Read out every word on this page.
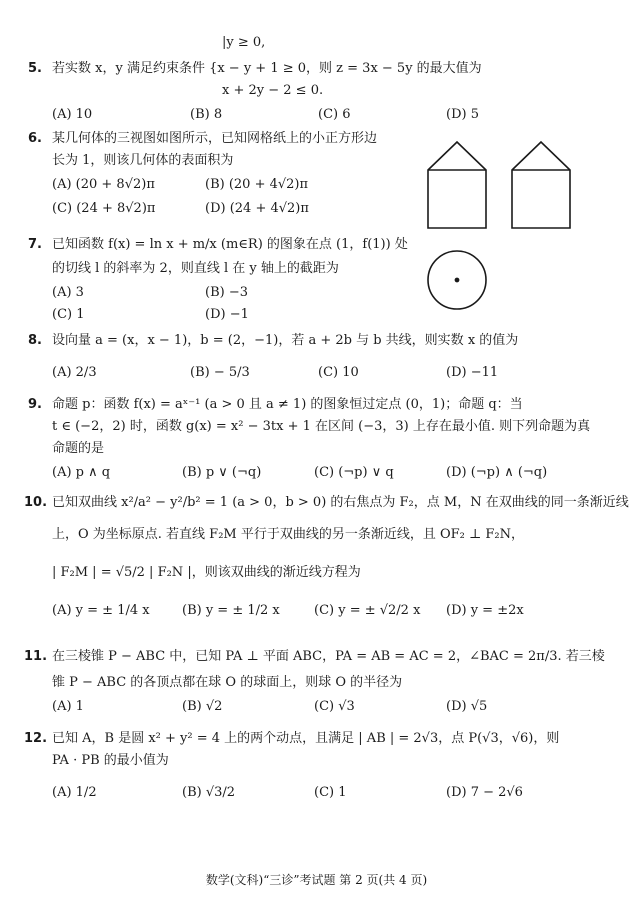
|y ≥ 0,
5. 若实数 x，y 满足约束条件 {x − y + 1 ≥ 0，则 z = 3x − 5y 的最大值为
x + 2y − 2 ≤ 0.
(A) 10	(B) 8	(C) 6	(D) 5
6. 某几何体的三视图如图所示，已知网格纸上的小正方形边
长为 1，则该几何体的表面积为
(A) (20 + 8√2)π	(B) (20 + 4√2)π
(C) (24 + 8√2)π	(D) (24 + 4√2)π
7. 已知函数 f(x) = ln x + m/x (m∈R) 的图象在点 (1，f(1)) 处
的切线 l 的斜率为 2，则直线 l 在 y 轴上的截距为
(A) 3	(B) −3
(C) 1	(D) −1
8. 设向量 a = (x，x − 1)，b = (2，−1)，若 a + 2b 与 b 共线，则实数 x 的值为
(A) 2/3	(B) − 5/3	(C) 10	(D) −11
9. 命题 p：函数 f(x) = aˣ⁻¹ (a > 0 且 a ≠ 1) 的图象恒过定点 (0，1)；命题 q：当
t ∈ (−2，2) 时，函数 g(x) = x² − 3tx + 1 在区间 (−3，3) 上存在最小值. 则下列命题为真
命题的是
(A) p ∧ q	(B) p ∨ (¬q)	(C) (¬p) ∨ q	(D) (¬p) ∧ (¬q)
10. 已知双曲线 x²/a² − y²/b² = 1 (a > 0，b > 0) 的右焦点为 F₂，点 M，N 在双曲线的同一条渐近线
上，O 为坐标原点. 若直线 F₂M 平行于双曲线的另一条渐近线，且 OF₂ ⊥ F₂N，
| F₂M | = √5/2 | F₂N |，则该双曲线的渐近线方程为
(A) y = ± 1/4 x (B) y = ± 1/2 x	(C) y = ± √2/2 x (D) y = ±2x
11. 在三棱锥 P − ABC 中，已知 PA ⊥ 平面 ABC，PA = AB = AC = 2，∠BAC = 2π/3. 若三棱
锥 P − ABC 的各顶点都在球 O 的球面上，则球 O 的半径为
(A) 1	(B) √2	(C) √3	(D) √5
12. 已知 A，B 是圆 x² + y² = 4 上的两个动点，且满足 | AB | = 2√3，点 P(√3，√6)，则
PA · PB 的最小值为
(A) 1/2	(B) √3/2	(C) 1	(D) 7 − 2√6
数学(文科)“三诊”考试题 第 2 页(共 4 页)
